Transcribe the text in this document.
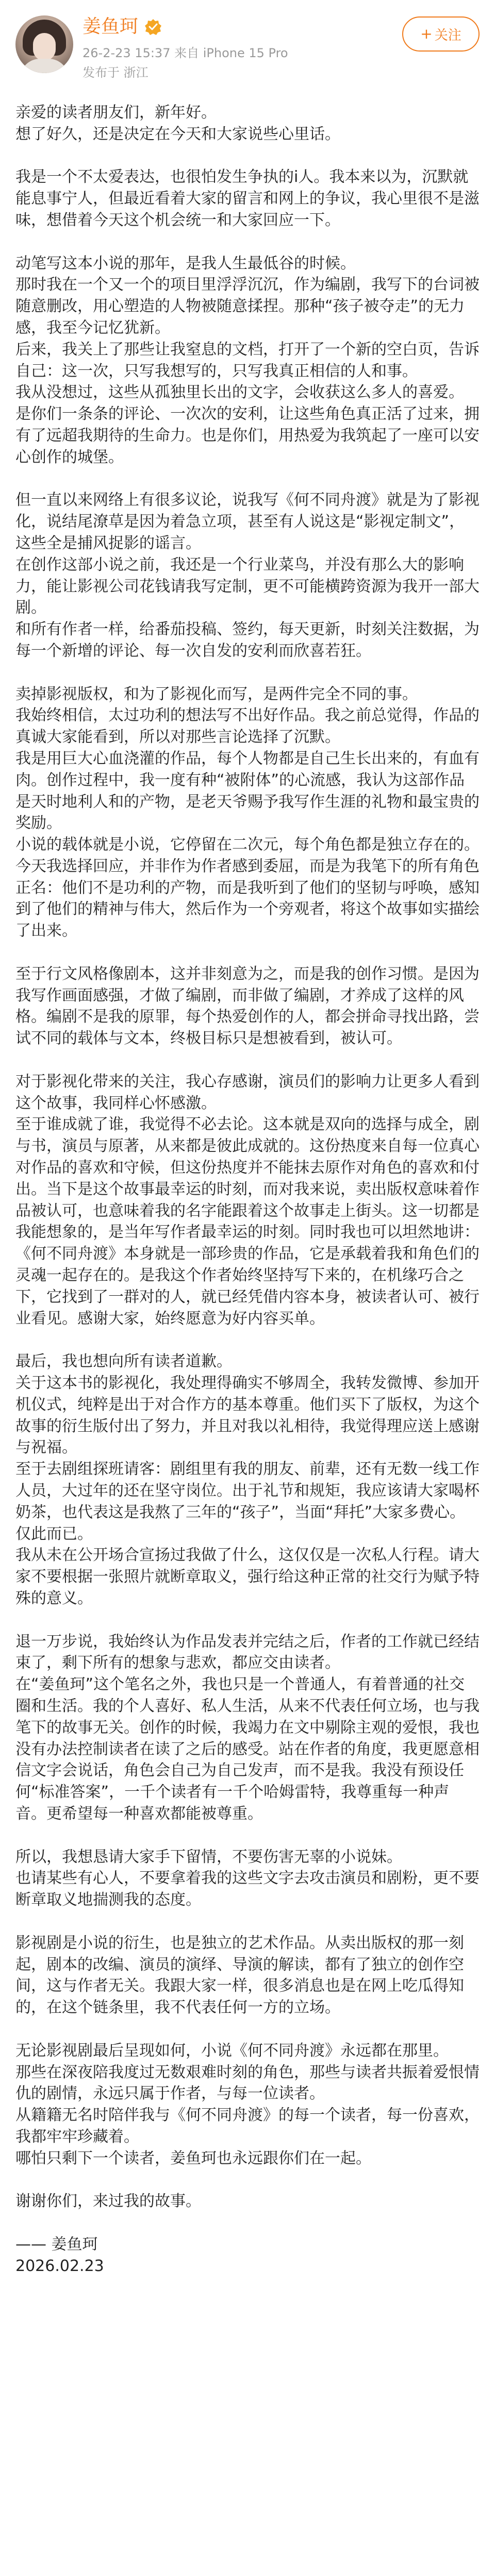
姜鱼珂
26-2-23 15:37 来自 iPhone 15 Pro
发布于 浙江
+ 关注

亲爱的读者朋友们，新年好。
想了好久，还是决定在今天和大家说些心里话。

我是一个不太爱表达，也很怕发生争执的i人。我本来以为，沉默就能息事宁人，但最近看着大家的留言和网上的争议，我心里很不是滋味，想借着今天这个机会统一和大家回应一下。

动笔写这本小说的那年，是我人生最低谷的时候。
那时我在一个又一个的项目里浮浮沉沉，作为编剧，我写下的台词被随意删改，用心塑造的人物被随意揉捏。那种“孩子被夺走”的无力感，我至今记忆犹新。
后来，我关上了那些让我窒息的文档，打开了一个新的空白页，告诉自己：这一次，只写我想写的，只写我真正相信的人和事。
我从没想过，这些从孤独里长出的文字，会收获这么多人的喜爱。
是你们一条条的评论、一次次的安利，让这些角色真正活了过来，拥有了远超我期待的生命力。也是你们，用热爱为我筑起了一座可以安心创作的城堡。

但一直以来网络上有很多议论，说我写《何不同舟渡》就是为了影视化，说结尾潦草是因为着急立项，甚至有人说这是“影视定制文”，这些全是捕风捉影的谣言。
在创作这部小说之前，我还是一个行业菜鸟，并没有那么大的影响力，能让影视公司花钱请我写定制，更不可能横跨资源为我开一部大剧。
和所有作者一样，给番茄投稿、签约，每天更新，时刻关注数据，为每一个新增的评论、每一次自发的安利而欣喜若狂。

卖掉影视版权，和为了影视化而写，是两件完全不同的事。
我始终相信，太过功利的想法写不出好作品。我之前总觉得，作品的真诚大家能看到，所以对那些言论选择了沉默。
我是用巨大心血浇灌的作品，每个人物都是自己生长出来的，有血有肉。创作过程中，我一度有种“被附体”的心流感，我认为这部作品是天时地利人和的产物，是老天爷赐予我写作生涯的礼物和最宝贵的奖励。
小说的载体就是小说，它停留在二次元，每个角色都是独立存在的。今天我选择回应，并非作为作者感到委屈，而是为我笔下的所有角色正名：他们不是功利的产物，而是我听到了他们的坚韧与呼唤，感知到了他们的精神与伟大，然后作为一个旁观者，将这个故事如实描绘了出来。

至于行文风格像剧本，这并非刻意为之，而是我的创作习惯。是因为我写作画面感强，才做了编剧，而非做了编剧，才养成了这样的风格。编剧不是我的原罪，每个热爱创作的人，都会拼命寻找出路，尝试不同的载体与文本，终极目标只是想被看到，被认可。

对于影视化带来的关注，我心存感谢，演员们的影响力让更多人看到这个故事，我同样心怀感激。
至于谁成就了谁，我觉得不必去论。这本就是双向的选择与成全，剧与书，演员与原著，从来都是彼此成就的。这份热度来自每一位真心对作品的喜欢和守候，但这份热度并不能抹去原作对角色的喜欢和付出。当下是这个故事最幸运的时刻，而对我来说，卖出版权意味着作品被认可，也意味着我的名字能跟着这个故事走上街头。这一切都是我能想象的，是当年写作者最幸运的时刻。同时我也可以坦然地讲：《何不同舟渡》本身就是一部珍贵的作品，它是承载着我和角色们的灵魂一起存在的。是我这个作者始终坚持写下来的，在机缘巧合之下，它找到了一群对的人，就已经凭借内容本身，被读者认可、被行业看见。感谢大家，始终愿意为好内容买单。

最后，我也想向所有读者道歉。
关于这本书的影视化，我处理得确实不够周全，我转发微博、参加开机仪式，纯粹是出于对合作方的基本尊重。他们买下了版权，为这个故事的衍生版付出了努力，并且对我以礼相待，我觉得理应送上感谢与祝福。
至于去剧组探班请客：剧组里有我的朋友、前辈，还有无数一线工作人员，大过年的还在坚守岗位。出于礼节和规矩，我应该请大家喝杯奶茶，也代表这是我熬了三年的“孩子”，当面“拜托”大家多费心。仅此而已。
我从未在公开场合宣扬过我做了什么，这仅仅是一次私人行程。请大家不要根据一张照片就断章取义，强行给这种正常的社交行为赋予特殊的意义。

退一万步说，我始终认为作品发表并完结之后，作者的工作就已经结束了，剩下所有的想象与悲欢，都应交由读者。
在“姜鱼珂”这个笔名之外，我也只是一个普通人，有着普通的社交圈和生活。我的个人喜好、私人生活，从来不代表任何立场，也与我笔下的故事无关。创作的时候，我竭力在文中剔除主观的爱恨，我也没有办法控制读者在读了之后的感受。站在作者的角度，我更愿意相信文字会说话，角色会自己为自己发声，而不是我。我没有预设任何“标准答案”，一千个读者有一千个哈姆雷特，我尊重每一种声音。更希望每一种喜欢都能被尊重。

所以，我想恳请大家手下留情，不要伤害无辜的小说妹。
也请某些有心人，不要拿着我的这些文字去攻击演员和剧粉，更不要断章取义地揣测我的态度。

影视剧是小说的衍生，也是独立的艺术作品。从卖出版权的那一刻起，剧本的改编、演员的演绎、导演的解读，都有了独立的创作空间，这与作者无关。我跟大家一样，很多消息也是在网上吃瓜得知的，在这个链条里，我不代表任何一方的立场。

无论影视剧最后呈现如何，小说《何不同舟渡》永远都在那里。
那些在深夜陪我度过无数艰难时刻的角色，那些与读者共振着爱恨情仇的剧情，永远只属于作者，与每一位读者。
从籍籍无名时陪伴我与《何不同舟渡》的每一个读者，每一份喜欢，我都牢牢珍藏着。
哪怕只剩下一个读者，姜鱼珂也永远跟你们在一起。

谢谢你们，来过我的故事。

—— 姜鱼珂

2026.02.23
